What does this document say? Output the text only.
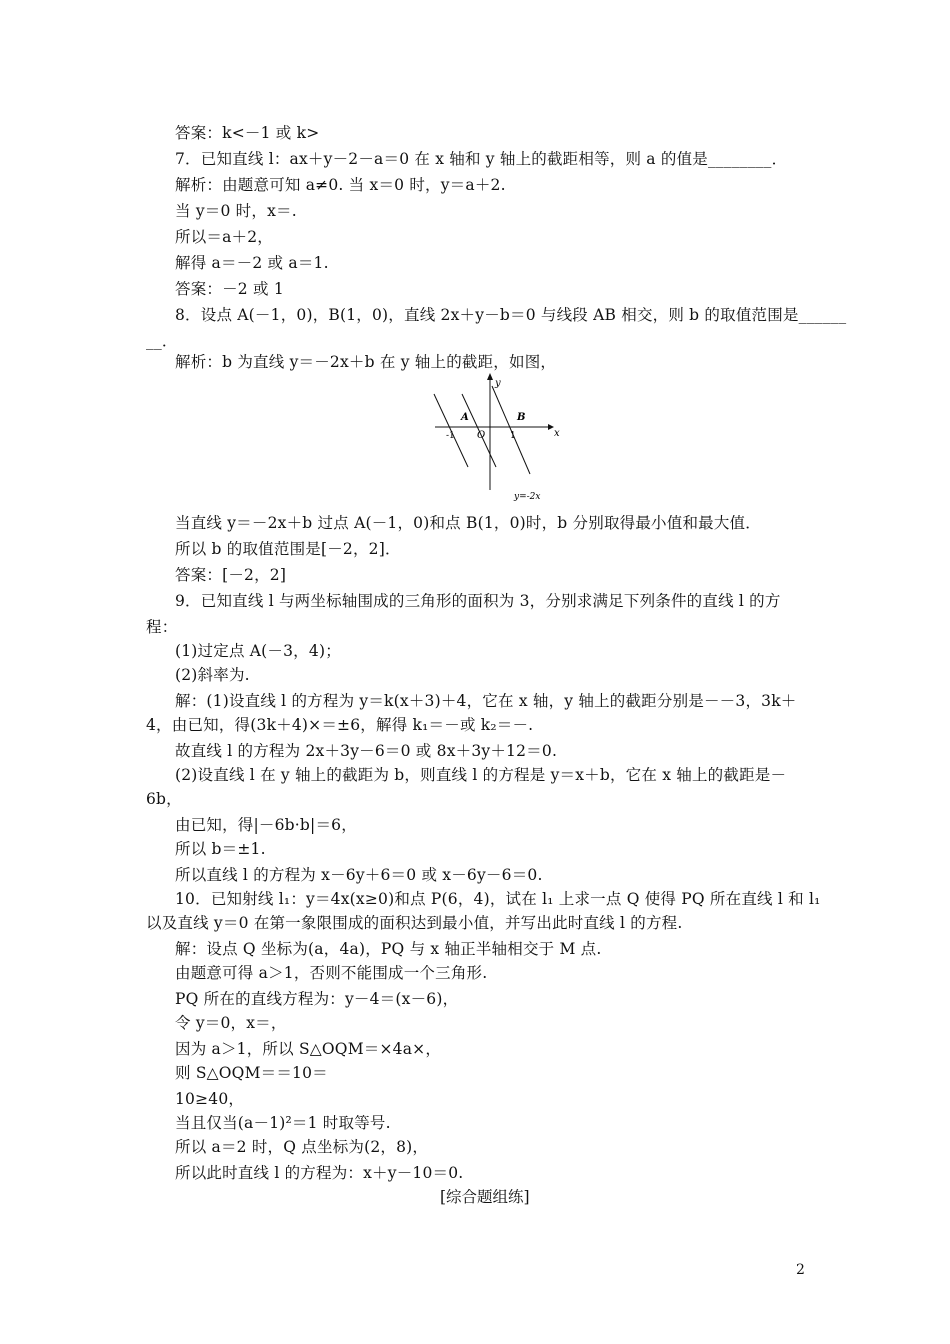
答案：k<－1 或 k>
7．已知直线 l：ax＋y－2－a＝0 在 x 轴和 y 轴上的截距相等，则 a 的值是________．
解析：由题意可知 a≠0. 当 x＝0 时，y＝a＋2.
当 y＝0 时，x＝.
所以＝a＋2，
解得 a＝－2 或 a＝1.
答案：－2 或 1
8．设点 A(－1，0)，B(1，0)，直线 2x＋y－b＝0 与线段 AB 相交，则 b 的取值范围是______
__．
解析：b 为直线 y＝－2x＋b 在 y 轴上的截距，如图，
当直线 y＝－2x＋b 过点 A(－1，0)和点 B(1，0)时，b 分别取得最小值和最大值．
所以 b 的取值范围是[－2，2]．
答案：[－2，2]
9．已知直线 l 与两坐标轴围成的三角形的面积为 3，分别求满足下列条件的直线 l 的方
程：
(1)过定点 A(－3，4)；
(2)斜率为.
解：(1)设直线 l 的方程为 y＝k(x＋3)＋4，它在 x 轴，y 轴上的截距分别是－－3，3k＋
4，由已知，得(3k＋4)×＝±6，解得 k₁＝－或 k₂＝－.
故直线 l 的方程为 2x＋3y－6＝0 或 8x＋3y＋12＝0.
(2)设直线 l 在 y 轴上的截距为 b，则直线 l 的方程是 y＝x＋b，它在 x 轴上的截距是－
6b，
由已知，得|－6b·b|＝6，
所以 b＝±1.
所以直线 l 的方程为 x－6y＋6＝0 或 x－6y－6＝0.
10．已知射线 l₁：y＝4x(x≥0)和点 P(6，4)，试在 l₁ 上求一点 Q 使得 PQ 所在直线 l 和 l₁
以及直线 y＝0 在第一象限围成的面积达到最小值，并写出此时直线 l 的方程.
解：设点 Q 坐标为(a，4a)，PQ 与 x 轴正半轴相交于 M 点.
由题意可得 a＞1，否则不能围成一个三角形.
PQ 所在的直线方程为：y－4＝(x－6)，
令 y＝0，x＝，
因为 a＞1，所以 S△OQM＝×4a×，
则 S△OQM＝＝10＝
10≥40，
当且仅当(a－1)²＝1 时取等号.
所以 a＝2 时，Q 点坐标为(2，8)，
所以此时直线 l 的方程为：x＋y－10＝0.
y
x
O
A	B
-1	1
y=-2x
[综合题组练]
2
